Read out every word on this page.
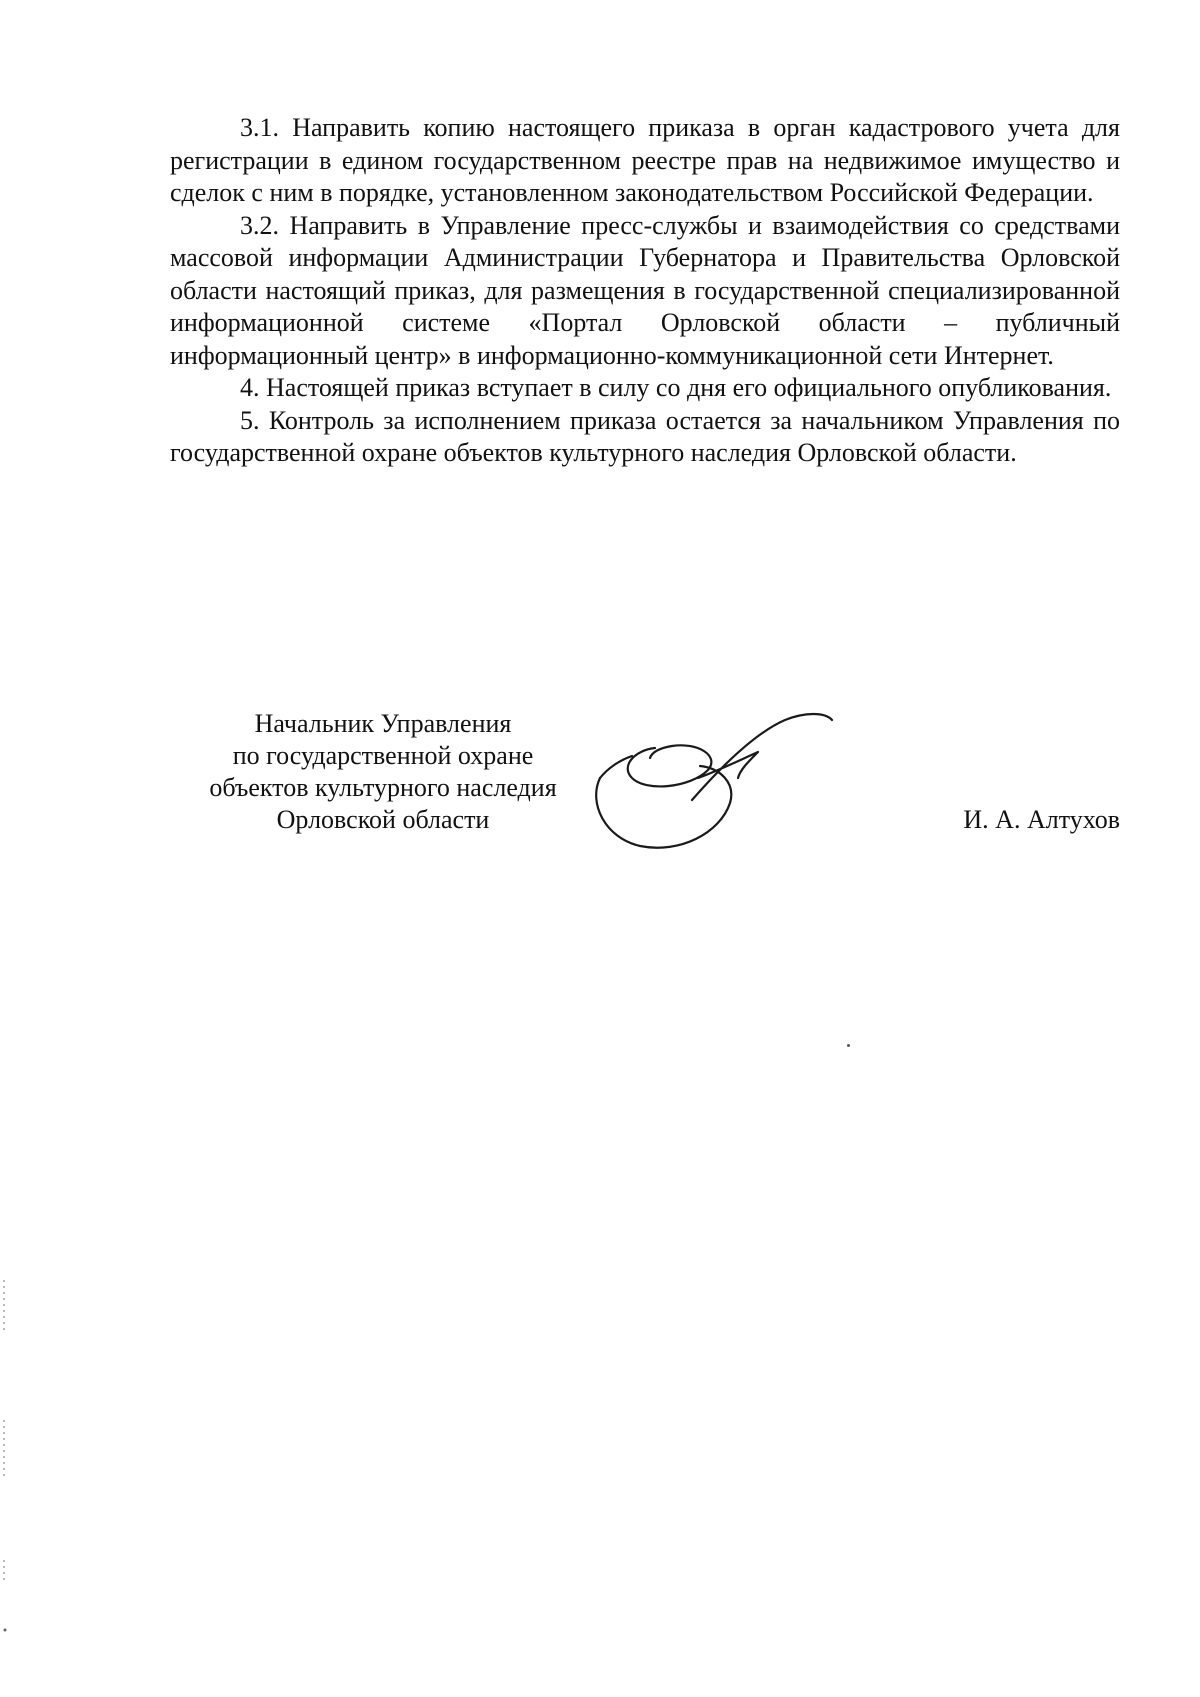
3.1. Направить копию настоящего приказа в орган кадастрового учета для регистрации в едином государственном реестре прав на недвижимое имущество и сделок с ним в порядке, установленном законодательством Российской Федерации.

3.2. Направить в Управление пресс-службы и взаимодействия со средствами массовой информации Администрации Губернатора и Правительства Орловской области настоящий приказ, для размещения в государственной специализированной информационной системе «Портал Орловской области – публичный информационный центр» в информационно-коммуникационной сети Интернет.

4. Настоящей приказ вступает в силу со дня его официального опубликования.

5. Контроль за исполнением приказа остается за начальником Управления по государственной охране объектов культурного наследия Орловской области.

Начальник Управления
по государственной охране
объектов культурного наследия
Орловской области	И. А. Алтухов
